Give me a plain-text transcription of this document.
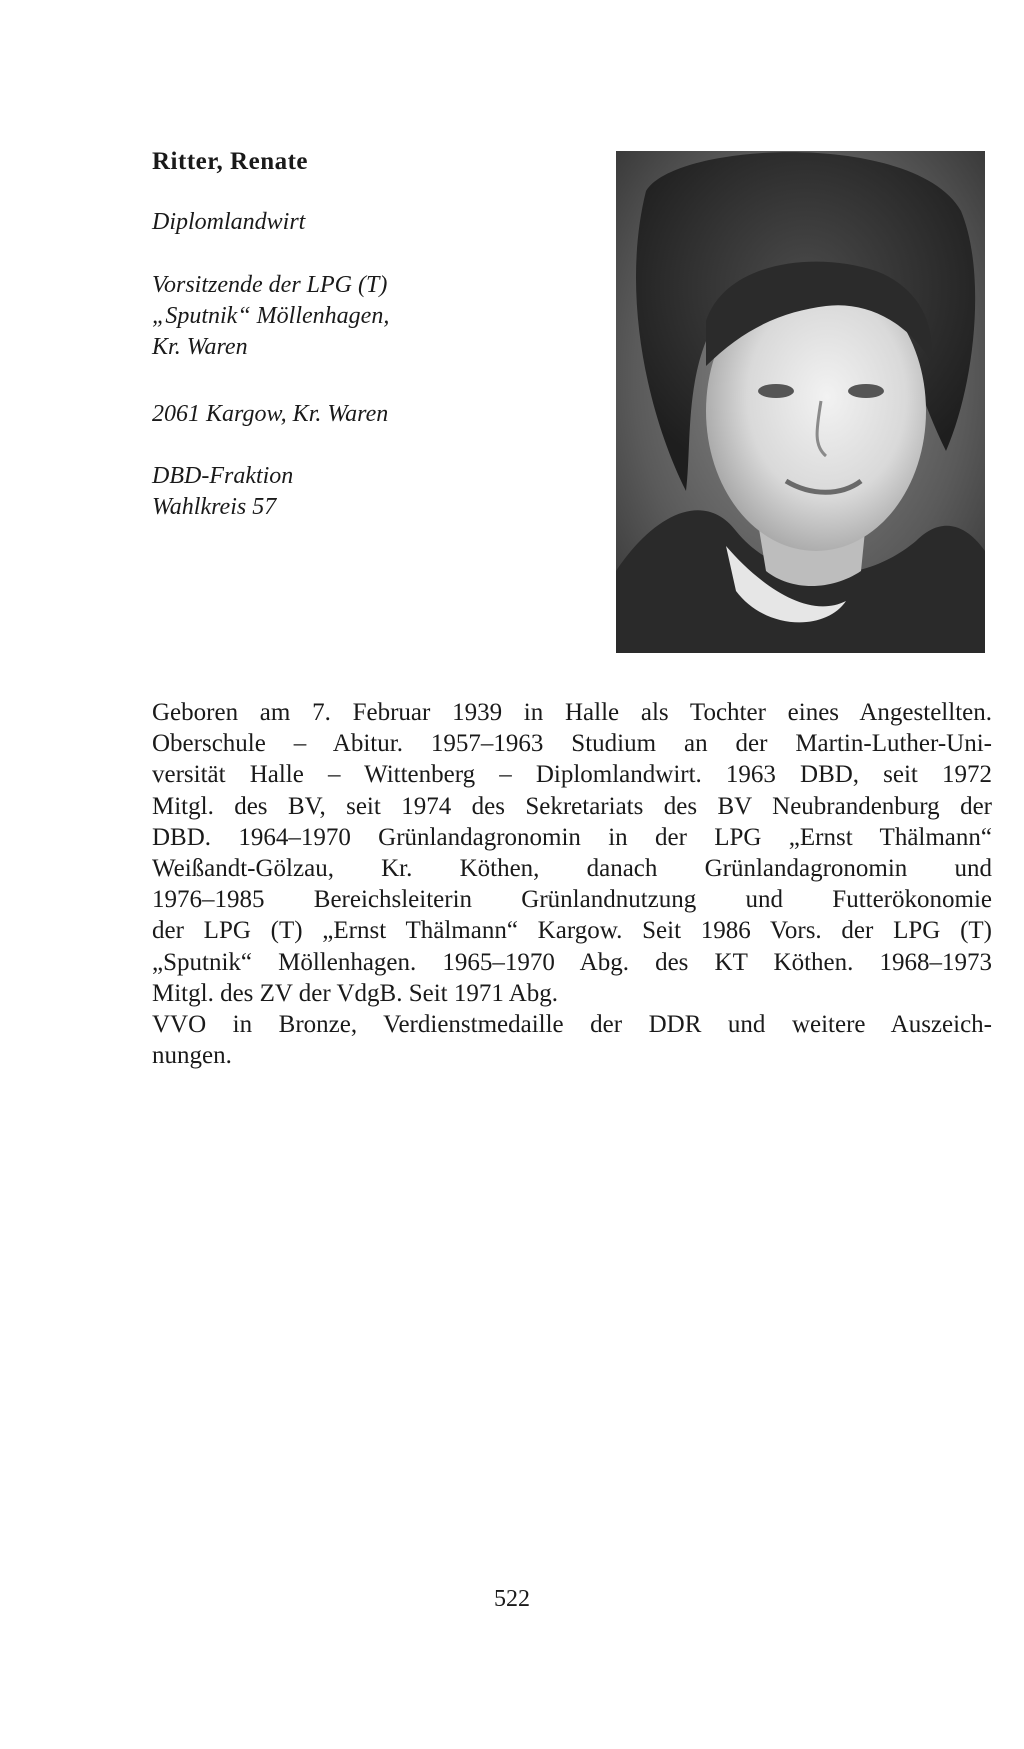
Ritter, Renate
Diplomlandwirt
Vorsitzende der LPG (T)
„Sputnik“ Möllenhagen,
Kr. Waren
2061 Kargow, Kr. Waren
DBD-Fraktion
Wahlkreis 57
Geboren am 7. Februar 1939 in Halle als Tochter eines Angestellten.
Oberschule – Abitur. 1957–1963 Studium an der Martin-Luther-Uni-
versität Halle – Wittenberg – Diplomlandwirt. 1963 DBD, seit 1972
Mitgl. des BV, seit 1974 des Sekretariats des BV Neubrandenburg der
DBD. 1964–1970 Grünlandagronomin in der LPG „Ernst Thälmann“
Weißandt-Gölzau, Kr. Köthen, danach Grünlandagronomin und
1976–1985 Bereichsleiterin Grünlandnutzung und Futterökonomie
der LPG (T) „Ernst Thälmann“ Kargow. Seit 1986 Vors. der LPG (T)
„Sputnik“ Möllenhagen. 1965–1970 Abg. des KT Köthen. 1968–1973
Mitgl. des ZV der VdgB. Seit 1971 Abg.
VVO in Bronze, Verdienstmedaille der DDR und weitere Auszeich-
nungen.
522
